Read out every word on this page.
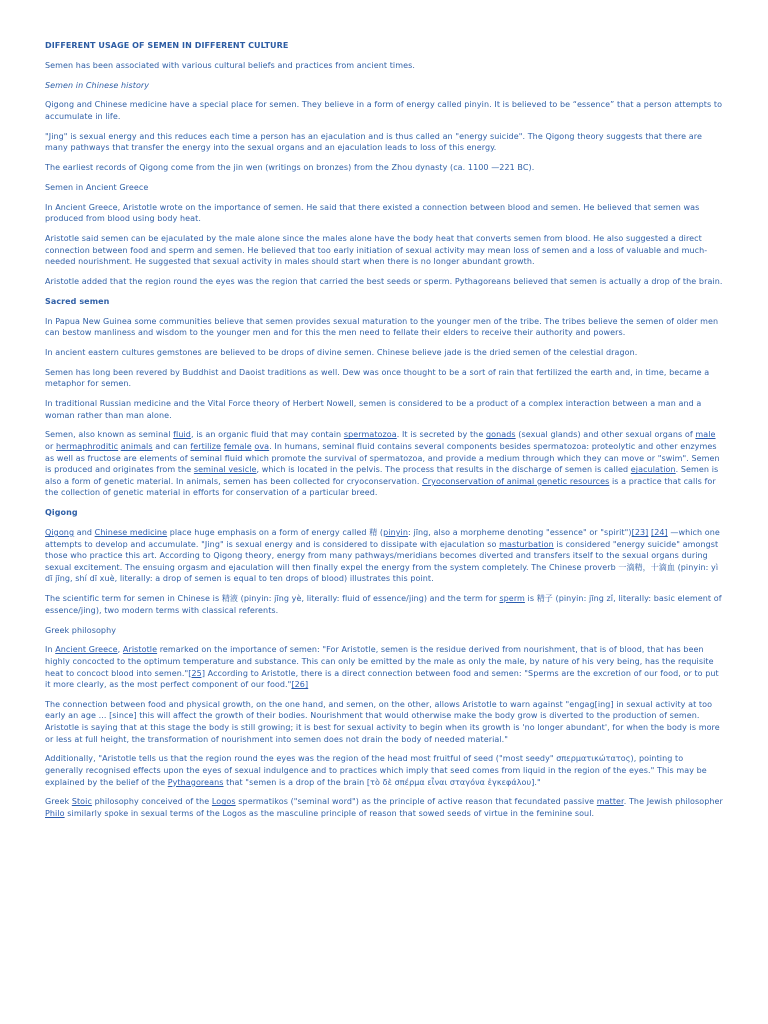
DIFFERENT USAGE OF SEMEN IN DIFFERENT CULTURE

Semen has been associated with various cultural beliefs and practices from ancient times.

Semen in Chinese history

Qigong and Chinese medicine have a special place for semen. They believe in a form of energy called pinyin. It is believed to be “essence” that a person attempts to accumulate in life.

"Jing" is sexual energy and this reduces each time a person has an ejaculation and is thus called an "energy suicide". The Qigong theory suggests that there are many pathways that transfer the energy into the sexual organs and an ejaculation leads to loss of this energy.

The earliest records of Qigong come from the jin wen (writings on bronzes) from the Zhou dynasty (ca. 1100 —221 BC).

Semen in Ancient Greece

In Ancient Greece, Aristotle wrote on the importance of semen. He said that there existed a connection between blood and semen. He believed that semen was produced from blood using body heat.

Aristotle said semen can be ejaculated by the male alone since the males alone have the body heat that converts semen from blood. He also suggested a direct connection between food and sperm and semen. He believed that too early initiation of sexual activity may mean loss of semen and a loss of valuable and much-needed nourishment. He suggested that sexual activity in males should start when there is no longer abundant growth.

Aristotle added that the region round the eyes was the region that carried the best seeds or sperm. Pythagoreans believed that semen is actually a drop of the brain.

Sacred semen

In Papua New Guinea some communities believe that semen provides sexual maturation to the younger men of the tribe. The tribes believe the semen of older men can bestow manliness and wisdom to the younger men and for this the men need to fellate their elders to receive their authority and powers.

In ancient eastern cultures gemstones are believed to be drops of divine semen. Chinese believe jade is the dried semen of the celestial dragon.

Semen has long been revered by Buddhist and Daoist traditions as well. Dew was once thought to be a sort of rain that fertilized the earth and, in time, became a metaphor for semen.

In traditional Russian medicine and the Vital Force theory of Herbert Nowell, semen is considered to be a product of a complex interaction between a man and a woman rather than man alone.

Semen, also known as seminal fluid, is an organic fluid that may contain spermatozoa. It is secreted by the gonads (sexual glands) and other sexual organs of male or hermaphroditic animals and can fertilize female ova. In humans, seminal fluid contains several components besides spermatozoa: proteolytic and other enzymes as well as fructose are elements of seminal fluid which promote the survival of spermatozoa, and provide a medium through which they can move or "swim". Semen is produced and originates from the seminal vesicle, which is located in the pelvis. The process that results in the discharge of semen is called ejaculation. Semen is also a form of genetic material. In animals, semen has been collected for cryoconservation. Cryoconservation of animal genetic resources is a practice that calls for the collection of genetic material in efforts for conservation of a particular breed.

Qigong

Qigong and Chinese medicine place huge emphasis on a form of energy called 精 (pinyin: jīng, also a morpheme denoting "essence" or "spirit")[23] [24] —which one attempts to develop and accumulate. "Jing" is sexual energy and is considered to dissipate with ejaculation so masturbation is considered "energy suicide" amongst those who practice this art. According to Qigong theory, energy from many pathways/meridians becomes diverted and transfers itself to the sexual organs during sexual excitement. The ensuing orgasm and ejaculation will then finally expel the energy from the system completely. The Chinese proverb 一滴精，十滴血 (pinyin: yì dī jīng, shí dī xuè, literally: a drop of semen is equal to ten drops of blood) illustrates this point.

The scientific term for semen in Chinese is 精液 (pinyin: jīng yè, literally: fluid of essence/jing) and the term for sperm is 精子 (pinyin: jīng zǐ, literally: basic element of essence/jing), two modern terms with classical referents.

Greek philosophy

In Ancient Greece, Aristotle remarked on the importance of semen: "For Aristotle, semen is the residue derived from nourishment, that is of blood, that has been highly concocted to the optimum temperature and substance. This can only be emitted by the male as only the male, by nature of his very being, has the requisite heat to concoct blood into semen."[25] According to Aristotle, there is a direct connection between food and semen: "Sperms are the excretion of our food, or to put it more clearly, as the most perfect component of our food."[26]

The connection between food and physical growth, on the one hand, and semen, on the other, allows Aristotle to warn against "engag[ing] in sexual activity at too early an age ... [since] this will affect the growth of their bodies. Nourishment that would otherwise make the body grow is diverted to the production of semen. Aristotle is saying that at this stage the body is still growing; it is best for sexual activity to begin when its growth is 'no longer abundant', for when the body is more or less at full height, the transformation of nourishment into semen does not drain the body of needed material."

Additionally, "Aristotle tells us that the region round the eyes was the region of the head most fruitful of seed ("most seedy" σπερματικώτατος), pointing to generally recognised effects upon the eyes of sexual indulgence and to practices which imply that seed comes from liquid in the region of the eyes." This may be explained by the belief of the Pythagoreans that "semen is a drop of the brain [τὸ δὲ σπέρμα εἶναι σταγόνα ἐγκεφάλου]."

Greek Stoic philosophy conceived of the Logos spermatikos ("seminal word") as the principle of active reason that fecundated passive matter. The Jewish philosopher Philo similarly spoke in sexual terms of the Logos as the masculine principle of reason that sowed seeds of virtue in the feminine soul.
